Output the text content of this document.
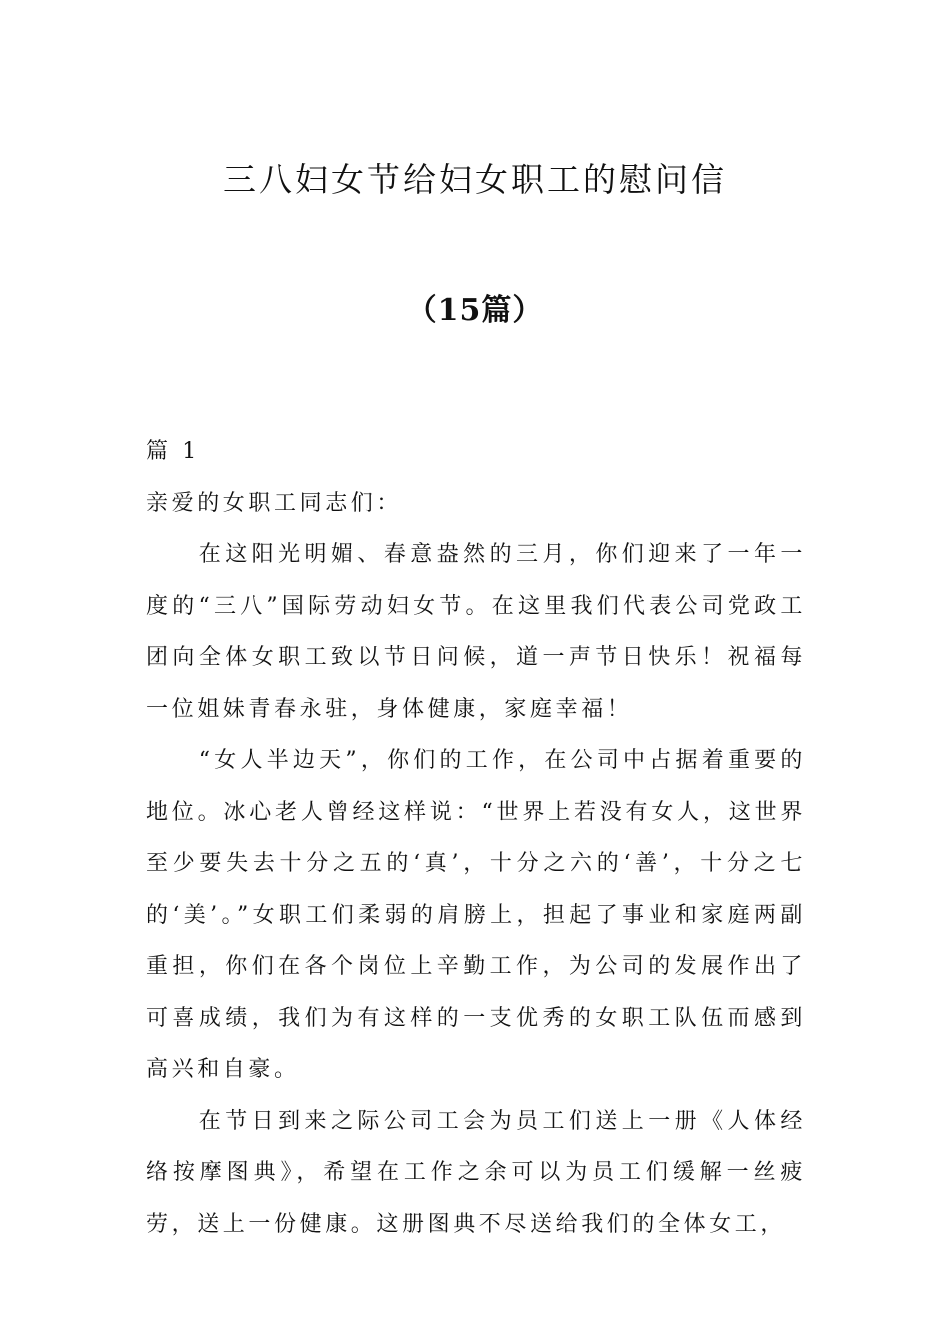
三八妇女节给妇女职工的慰问信
（15篇）

篇 1

亲爱的女职工同志们：

在这阳光明媚、春意盎然的三月，你们迎来了一年一度的“三八”国际劳动妇女节。在这里我们代表公司党政工团向全体女职工致以节日问候，道一声节日快乐！祝福每一位姐妹青春永驻，身体健康，家庭幸福！

“女人半边天”，你们的工作，在公司中占据着重要的地位。冰心老人曾经这样说：“世界上若没有女人，这世界至少要失去十分之五的‘真’，十分之六的‘善’，十分之七的‘美’。”女职工们柔弱的肩膀上，担起了事业和家庭两副重担，你们在各个岗位上辛勤工作，为公司的发展作出了可喜成绩，我们为有这样的一支优秀的女职工队伍而感到高兴和自豪。

在节日到来之际公司工会为员工们送上一册《人体经络按摩图典》，希望在工作之余可以为员工们缓解一丝疲劳，送上一份健康。这册图典不尽送给我们的全体女工，
